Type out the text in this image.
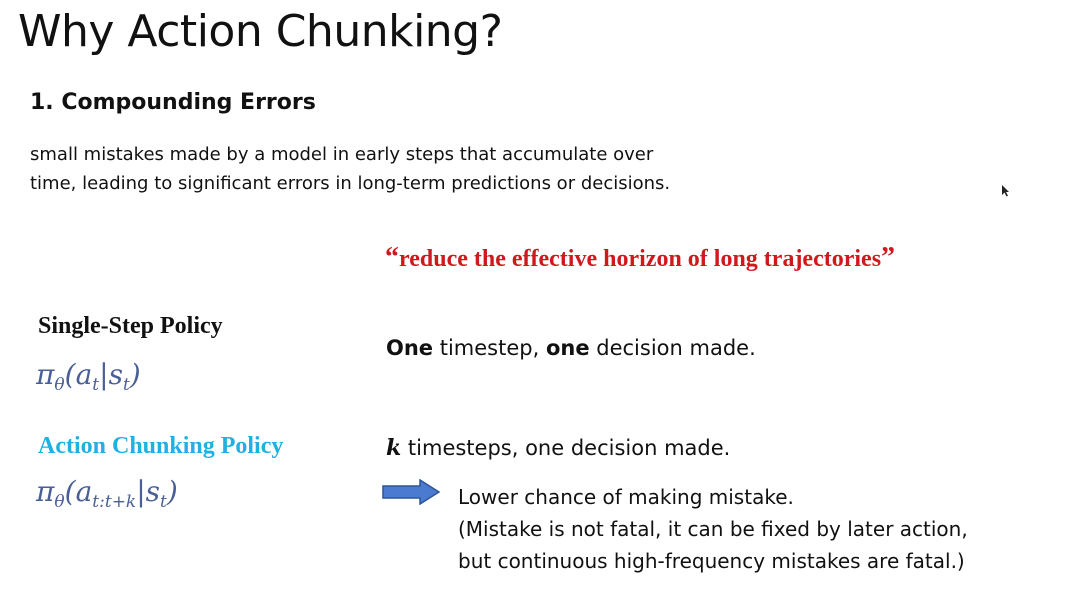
Why Action Chunking?
1. Compounding Errors
small mistakes made by a model in early steps that accumulate over
time, leading to significant errors in long-term predictions or decisions.
“reduce the effective horizon of long trajectories”
Single-Step Policy
$\pi_\theta(a_t|s_t)$
One timestep, one decision made.
Action Chunking Policy
$\pi_\theta(a_{t:t+k}|s_t)$
k timesteps, one decision made.
Lower chance of making mistake.
(Mistake is not fatal, it can be fixed by later action,
but continuous high-frequency mistakes are fatal.)
